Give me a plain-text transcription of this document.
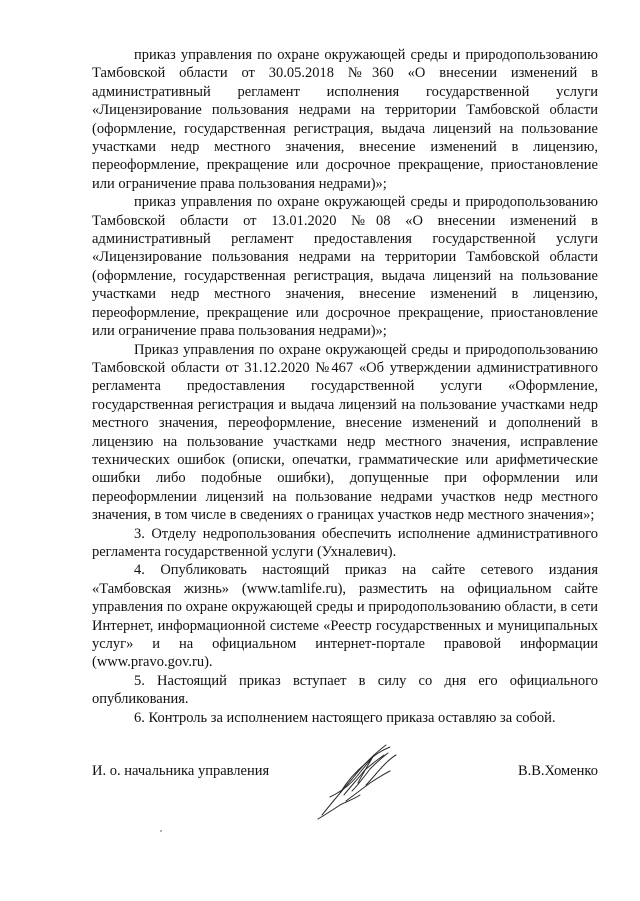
приказ управления по охране окружающей среды и природопользованию Тамбовской области от 30.05.2018 №360 «О внесении изменений в административный регламент исполнения государственной услуги «Лицензирование пользования недрами на территории Тамбовской области (оформление, государственная регистрация, выдача лицензий на пользование участками недр местного значения, внесение изменений в лицензию, переоформление, прекращение или досрочное прекращение, приостановление или ограничение права пользования недрами)»;

приказ управления по охране окружающей среды и природопользованию Тамбовской области от 13.01.2020 №08 «О внесении изменений в административный регламент предоставления государственной услуги «Лицензирование пользования недрами на территории Тамбовской области (оформление, государственная регистрация, выдача лицензий на пользование участками недр местного значения, внесение изменений в лицензию, переоформление, прекращение или досрочное прекращение, приостановление или ограничение права пользования недрами)»;

Приказ управления по охране окружающей среды и природопользованию Тамбовской области от 31.12.2020 №467 «Об утверждении административного регламента предоставления государственной услуги «Оформление, государственная регистрация и выдача лицензий на пользование участками недр местного значения, переоформление, внесение изменений и дополнений в лицензию на пользование участками недр местного значения, исправление технических ошибок (описки, опечатки, грамматические или арифметические ошибки либо подобные ошибки), допущенные при оформлении или переоформлении лицензий на пользование недрами участков недр местного значения, в том числе в сведениях о границах участков недр местного значения»;

3. Отделу недропользования обеспечить исполнение административного регламента государственной услуги (Ухналевич).

4. Опубликовать настоящий приказ на сайте сетевого издания «Тамбовская жизнь» (www.tamlife.ru), разместить на официальном сайте управления по охране окружающей среды и природопользованию области, в сети Интернет, информационной системе «Реестр государственных и муниципальных услуг» и на официальном интернет-портале правовой информации (www.pravo.gov.ru).

5. Настоящий приказ вступает в силу со дня его официального опубликования.

6. Контроль за исполнением настоящего приказа оставляю за собой.

И. о. начальника управления	В.В.Хоменко
